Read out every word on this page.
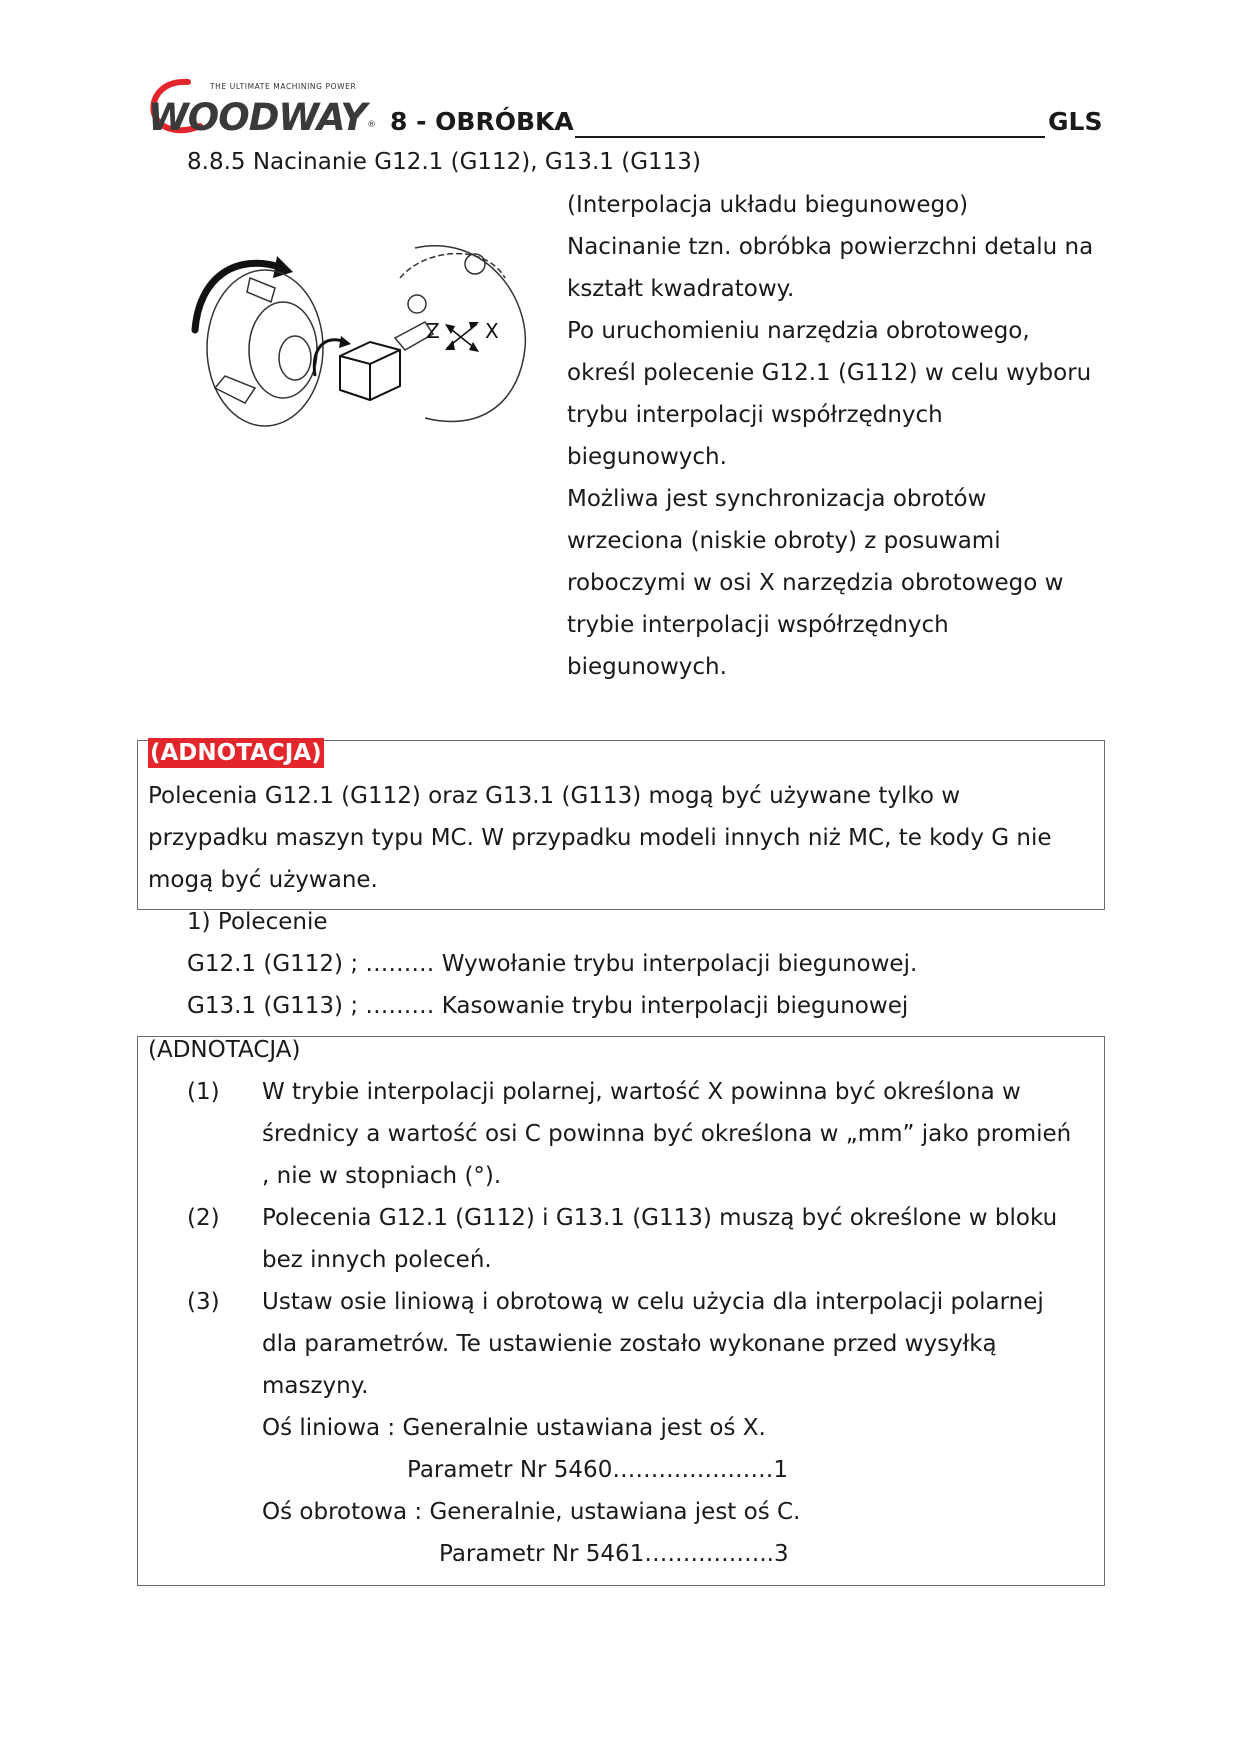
THE ULTIMATE MACHINING POWER
WOODWAY ® 8 - OBRÓBKA	GLS
8.8.5 Nacinanie G12.1 (G112), G13.1 (G113)
Z X
(Interpolacja układu biegunowego)
Nacinanie tzn. obróbka powierzchni detalu na
kształt kwadratowy.
Po uruchomieniu narzędzia obrotowego,
określ polecenie G12.1 (G112) w celu wyboru
trybu interpolacji współrzędnych
biegunowych.
Możliwa jest synchronizacja obrotów
wrzeciona (niskie obroty) z posuwami
roboczymi w osi X narzędzia obrotowego w
trybie interpolacji współrzędnych
biegunowych.
(ADNOTACJA)
Polecenia G12.1 (G112) oraz G13.1 (G113) mogą być używane tylko w
przypadku maszyn typu MC. W przypadku modeli innych niż MC, te kody G nie
mogą być używane.
1) Polecenie
G12.1 (G112) ; ……… Wywołanie trybu interpolacji biegunowej.
G13.1 (G113) ; ……… Kasowanie trybu interpolacji biegunowej
(ADNOTACJA)
(1) W trybie interpolacji polarnej, wartość X powinna być określona w
średnicy a wartość osi C powinna być określona w „mm” jako promień
, nie w stopniach (°).
(2) Polecenia G12.1 (G112) i G13.1 (G113) muszą być określone w bloku
bez innych poleceń.
(3) Ustaw osie liniową i obrotową w celu użycia dla interpolacji polarnej
dla parametrów. Te ustawienie zostało wykonane przed wysyłką
maszyny.
Oś liniowa : Generalnie ustawiana jest oś X.
Parametr Nr 5460…………………1
Oś obrotowa : Generalnie, ustawiana jest oś C.
Parametr Nr 5461……………..3
